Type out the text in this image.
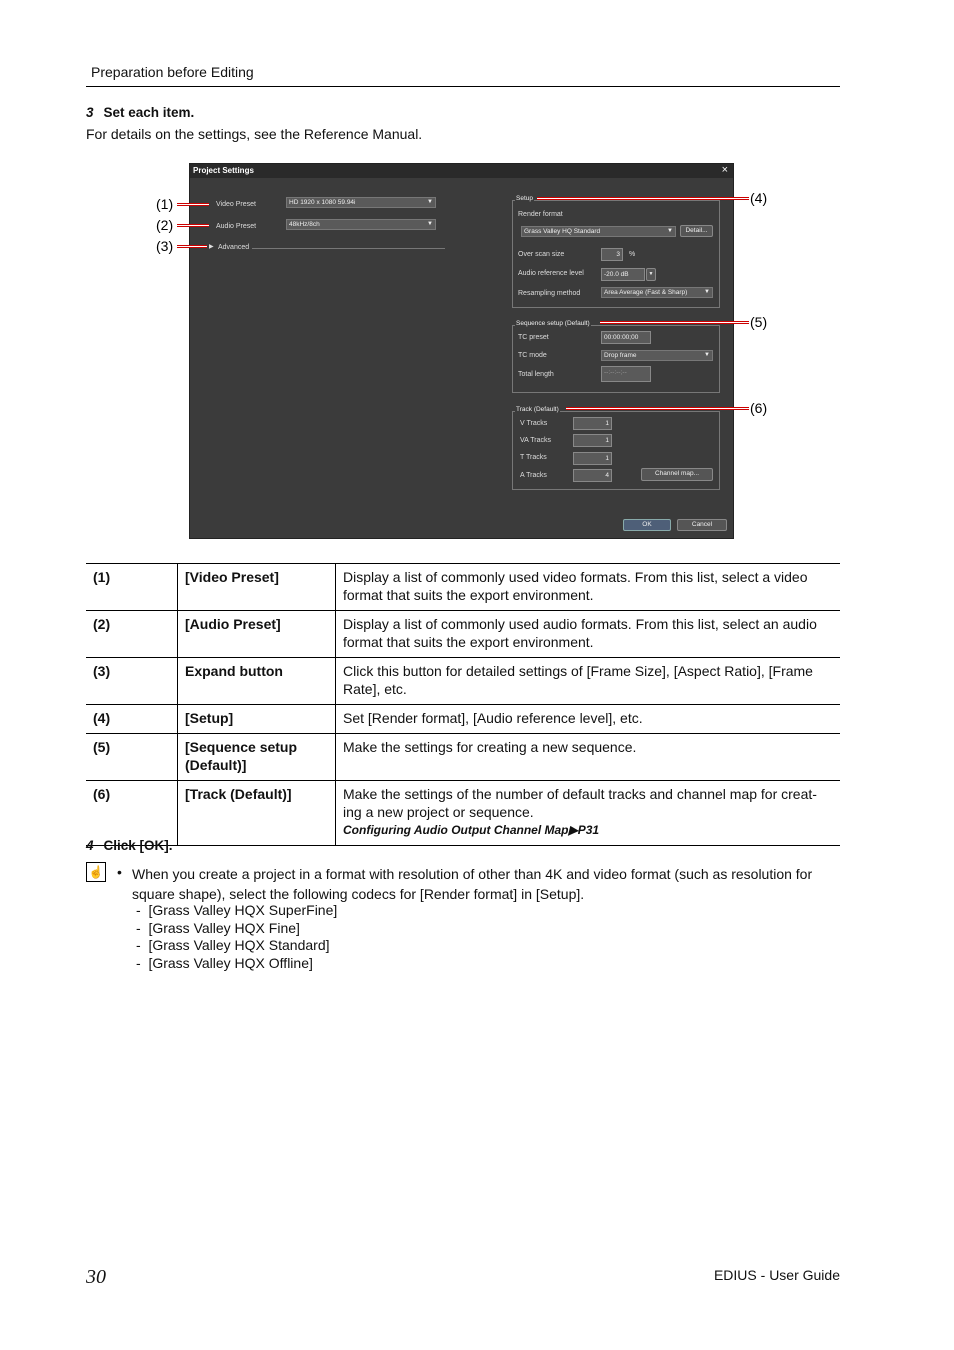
Preparation before Editing
3 Set each item.
For details on the settings, see the Reference Manual.
Project Settings	×
Video Preset	HD 1920 x 1080 59.94i	▼
Audio Preset	48kHz/8ch	▼
▶ Advanced
Setup
Render format
Grass Valley HQ Standard	▼	Detail...
Over scan size	3	%
Audio reference level	-20.0 dB	▼
Resampling method	Area Average (Fast & Sharp)	▼
Sequence setup (Default)
TC preset	00:00:00;00
TC mode	Drop frame	▼
Total length	--:--:--;--
Track (Default)
V Tracks	1
VA Tracks	1
T Tracks	1
A Tracks	4	Channel map...
OK	Cancel
(1)
(2)
(3)
(4)
(5)
(6)
(1)	[Video Preset]	Display a list of commonly used video formats. From this list, select a video format that suits the export environment.
(2)	[Audio Preset]	Display a list of commonly used audio formats. From this list, select an audio format that suits the export environment.
(3)	Expand button	Click this button for detailed settings of [Frame Size], [Aspect Ratio], [Frame Rate], etc.
(4)	[Setup]	Set [Render format], [Audio reference level], etc.
(5)	[Sequence setup (Default)]	Make the settings for creating a new sequence.
(6)	[Track (Default)]	Make the settings of the number of default tracks and channel map for creat-ing a new project or sequence.
Configuring Audio Output Channel Map▶P31
4 Click [OK].
☝ • When you create a project in a format with resolution of other than 4K and video format (such as resolution for square shape), select the following codecs for [Render format] in [Setup].
-  [Grass Valley HQX SuperFine]
-  [Grass Valley HQX Fine]
-  [Grass Valley HQX Standard]
-  [Grass Valley HQX Offline]
30	EDIUS - User Guide
